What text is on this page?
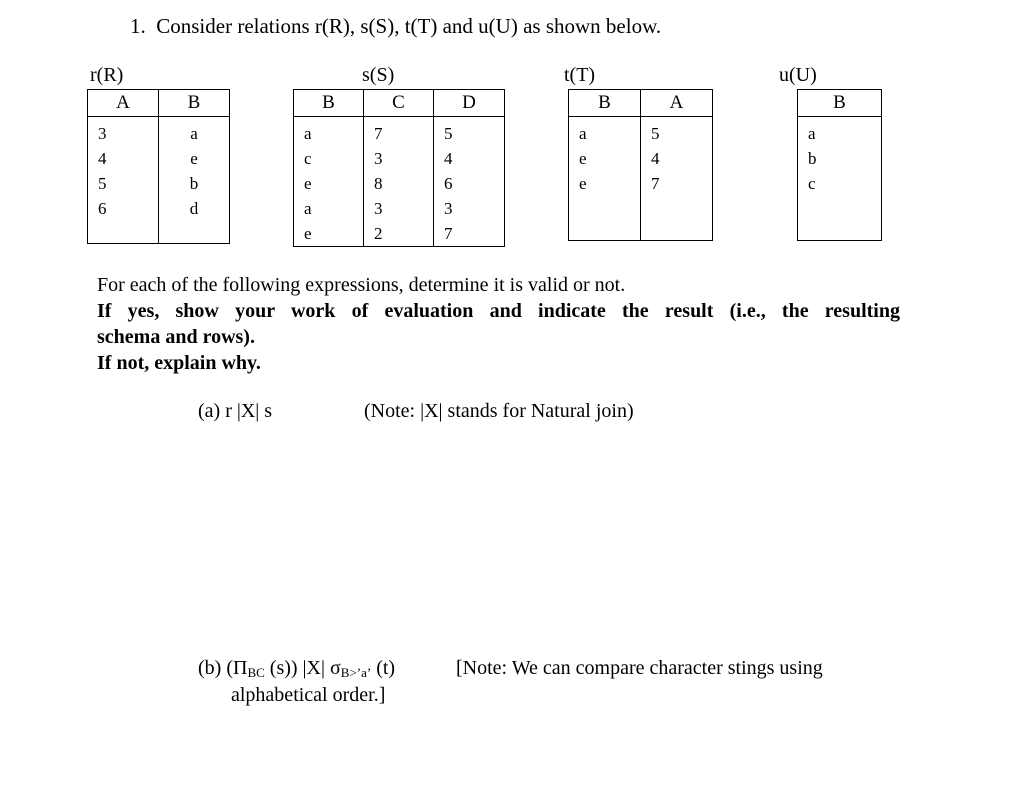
1.  Consider relations r(R), s(S), t(T) and u(U) as shown below.
r(R)
A	B
3	a
4	e
5	b
6	d

s(S)
B	C	D
a	7	5
c	3	4
e	8	6
a	3	3
e	2	7
t(T)
B	A
a	5
e	4
e	7

u(U)
B
a
b
c

For each of the following expressions, determine it is valid or not.
If yes, show your work of evaluation and indicate the result (i.e., the resulting
schema and rows).
If not, explain why.
(a) r |X| s	(Note: |X| stands for Natural join)
(b) ($\Pi_{BC}$ (s)) |X| $\sigma_{B>’a’}$ (t)	[Note: We can compare character stings using
alphabetical order.]
